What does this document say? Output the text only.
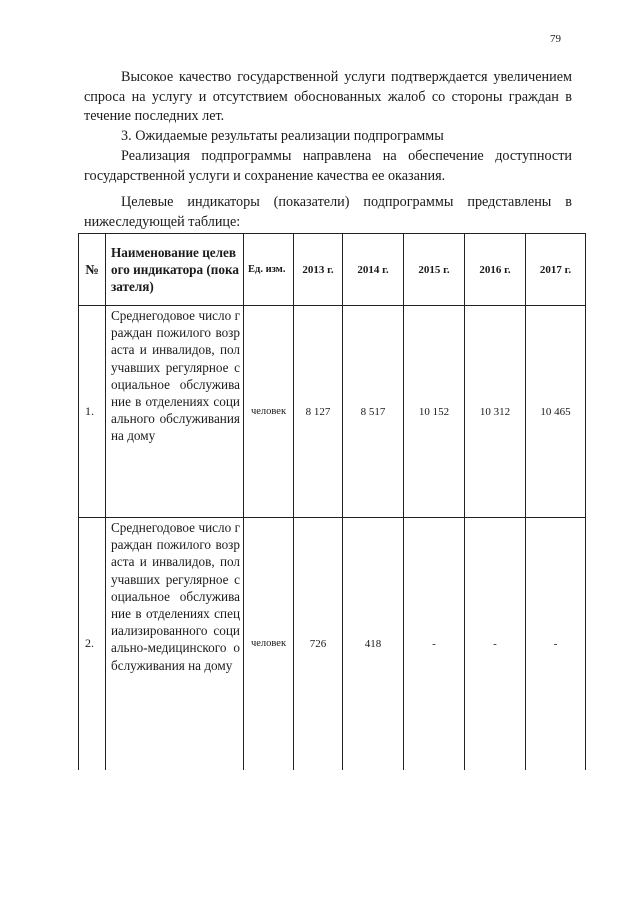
79

Высокое качество государственной услуги подтверждается увеличением спроса на услугу и отсутствием обоснованных жалоб со стороны граждан в течение последних лет.

3. Ожидаемые результаты реализации подпрограммы

Реализация подпрограммы направлена на обеспечение доступности государственной услуги и сохранение качества ее оказания.

Целевые индикаторы (показатели) подпрограммы представлены в нижеследующей таблице:

№	Наименование целевого индикатора (показателя)	Ед. изм.	2013 г.	2014 г.	2015 г.	2016 г.	2017 г.
1.	Среднегодовое число граждан пожилого возраста и инвалидов, получавших регулярное социальное обслуживание в отделениях социального обслуживания на дому	человек	8 127	8 517	10 152	10 312	10 465
2.	Среднегодовое число граждан пожилого возраста и инвалидов, получавших регулярное социальное обслуживание в отделениях специализированного социально-медицинского обслуживания на дому	человек	726	418	-	-	-
